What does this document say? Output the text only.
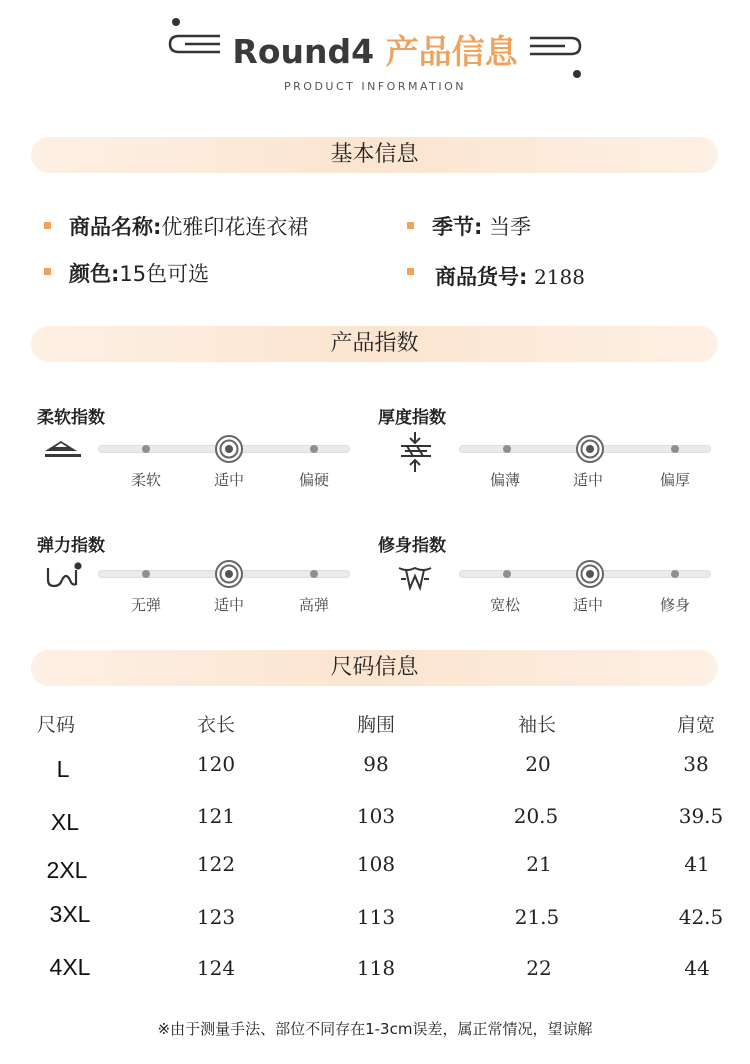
Round4 产品信息
PRODUCT INFORMATION
基本信息
商品名称:优雅印花连衣裙	季节: 当季
颜色:15色可选	商品货号: 2188
产品指数
柔软指数
柔软	适中	偏硬
厚度指数
偏薄	适中	偏厚
弹力指数
无弹	适中	高弹
修身指数
宽松	适中	修身
尺码信息
尺码	衣长	胸围	袖长	肩宽
L	120	98	20	38
XL	121	103	20.5	39.5
2XL	122	108	21	41
3XL	123	113	21.5	42.5
4XL	124	118	22	44
※由于测量手法、部位不同存在1-3cm误差，属正常情况，望谅解
